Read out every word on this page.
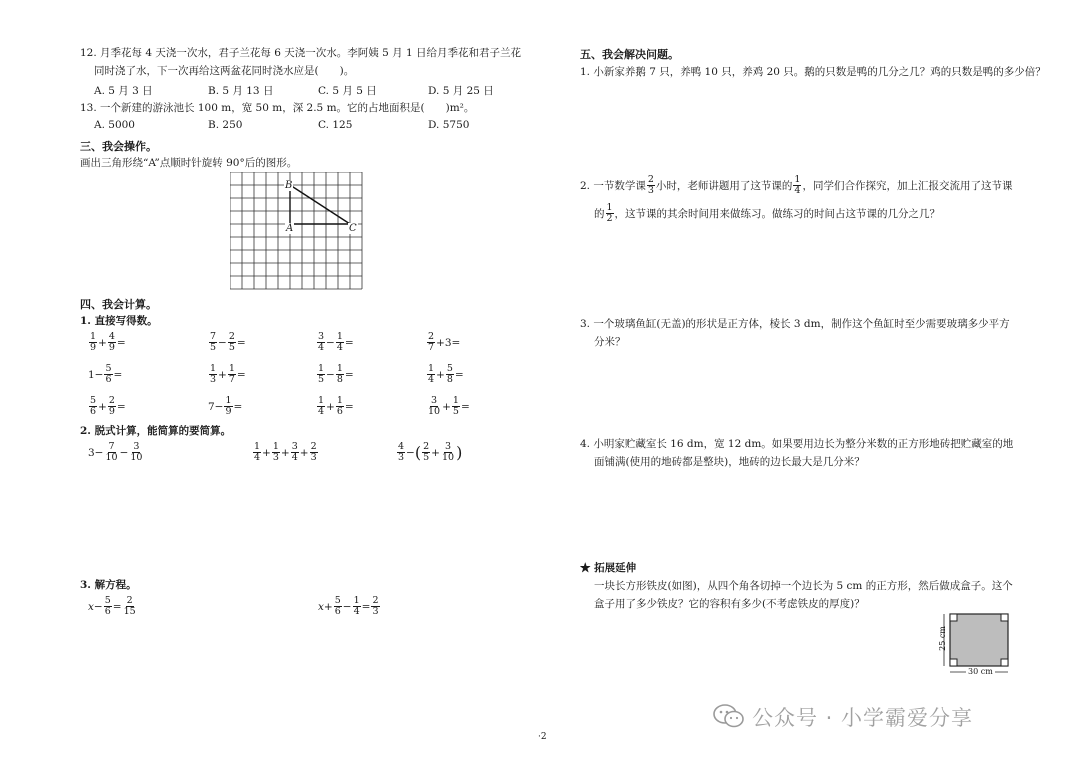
12. 月季花每 4 天浇一次水，君子兰花每 6 天浇一次水。李阿姨 5 月 1 日给月季花和君子兰花
同时浇了水，下一次再给这两盆花同时浇水应是(　　)。
A. 5 月 3 日	B. 5 月 13 日	C. 5 月 5 日	D. 5 月 25 日
13. 一个新建的游泳池长 100 m，宽 50 m，深 2.5 m。它的占地面积是(　　)m²。
A. 5000	B. 250	C. 125	D. 5750
三、我会操作。
画出三角形绕“A”点顺时针旋转 90°后的图形。
B
A	C
四、我会计算。
1. 直接写得数。
$\frac{1}{9} + \frac{4}{9}$ =	$\frac{7}{5} - \frac{2}{5}$ =	$\frac{3}{4} - \frac{1}{4}$ =	$\frac{2}{7} +3=$
$1- \frac{5}{6}$ =	$\frac{1}{3} + \frac{1}{7}$ =	$\frac{1}{5} - \frac{1}{8}$ =	$\frac{1}{4} + \frac{5}{8}$ =
$\frac{5}{6} + \frac{2}{9}$ =	$7- \frac{1}{9}$ =	$\frac{1}{4} + \frac{1}{6}$ =	$\frac{3}{10} + \frac{1}{5}$ =
2. 脱式计算，能简算的要简算。
$3- \frac{7}{10} - \frac{3}{10}$	$\frac{1}{4} + \frac{1}{3} + \frac{3}{4} + \frac{2}{3}$	$\frac{4}{3}$ − ( $\frac{2}{5} + \frac{3}{10}$ )
3. 解方程。
$x- \frac{5}{6} = \frac{2}{15}$	$x+ \frac{5}{6} - \frac{1}{4} = \frac{2}{3}$
五、我会解决问题。
1. 小新家养鹅 7 只，养鸭 10 只，养鸡 20 只。鹅的只数是鸭的几分之几？鸡的只数是鸭的多少倍？
2. 一节数学课 $\frac{2}{3}$ 小时，老师讲题用了这节课的 $\frac{1}{4}$ ，同学们合作探究，加上汇报交流用了这节课
的 $\frac{1}{2}$ ，这节课的其余时间用来做练习。做练习的时间占这节课的几分之几？
3. 一个玻璃鱼缸(无盖)的形状是正方体，棱长 3 dm，制作这个鱼缸时至少需要玻璃多少平方
分米？
4. 小明家贮藏室长 16 dm，宽 12 dm。如果要用边长为整分米数的正方形地砖把贮藏室的地
面铺满(使用的地砖都是整块)，地砖的边长最大是几分米？
★ 拓展延伸
一块长方形铁皮(如图)，从四个角各切掉一个边长为 5 cm 的正方形，然后做成盒子。这个
盒子用了多少铁皮？它的容积有多少(不考虑铁皮的厚度)？
25 cm
30 cm
·2
公众号 · 小学霸爱分享
